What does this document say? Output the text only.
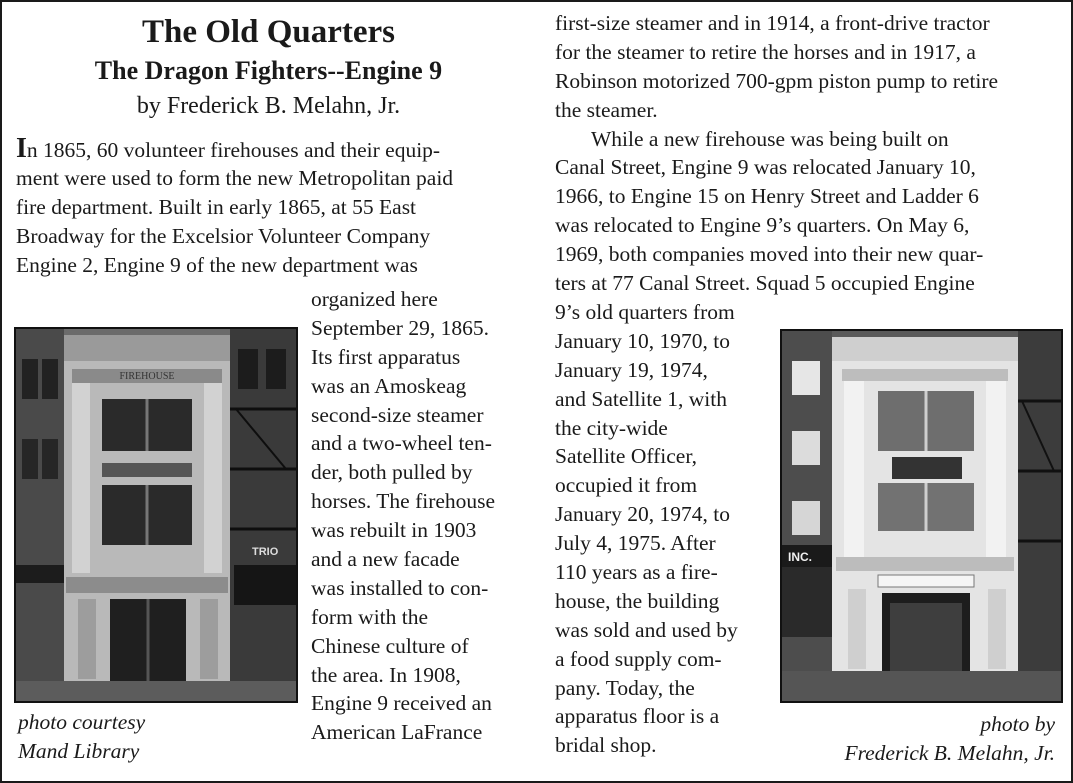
The Old Quarters
The Dragon Fighters--Engine 9

by Frederick B. Melahn, Jr.

In 1865, 60 volunteer firehouses and their equip-
ment were used to form the new Metropolitan paid
fire department. Built in early 1865, at 55 East
Broadway for the Excelsior Volunteer Company
Engine 2, Engine 9 of the new department was
organized here
September 29, 1865.
Its first apparatus
was an Amoskeag
second-size steamer
and a two-wheel ten-
der, both pulled by
horses. The firehouse
was rebuilt in 1903
and a new facade
was installed to con-
form with the
Chinese culture of
the area. In 1908,
Engine 9 received an
American LaFrance
first-size steamer and in 1914, a front-drive tractor
for the steamer to retire the horses and in 1917, a
Robinson motorized 700-gpm piston pump to retire
the steamer.
While a new firehouse was being built on
Canal Street, Engine 9 was relocated January 10,
1966, to Engine 15 on Henry Street and Ladder 6
was relocated to Engine 9’s quarters. On May 6,
1969, both companies moved into their new quar-
ters at 77 Canal Street. Squad 5 occupied Engine
9’s old quarters from
January 10, 1970, to
January 19, 1974,
and Satellite 1, with
the city-wide
Satellite Officer,
occupied it from
January 20, 1974, to
July 4, 1975. After
110 years as a fire-
house, the building
was sold and used by
a food supply com-
pany. Today, the
apparatus floor is a
bridal shop.
FIREHOUSE
TRIO	INC.

photo courtesy
Mand Library

photo by
Frederick B. Melahn, Jr.
